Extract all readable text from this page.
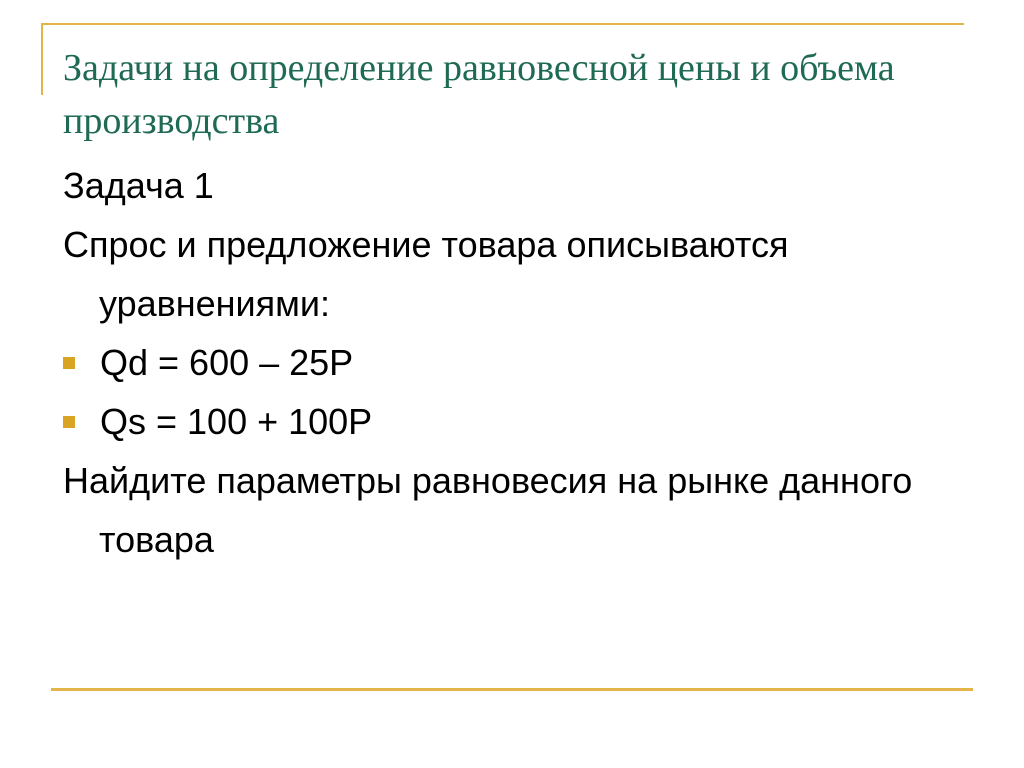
Задачи на определение равновесной цены и объема производства

Задача 1

Спрос и предложение товара описываются уравнениями:

Qd = 600 – 25P
Qs = 100 + 100P

Найдите параметры равновесия на рынке данного товара
